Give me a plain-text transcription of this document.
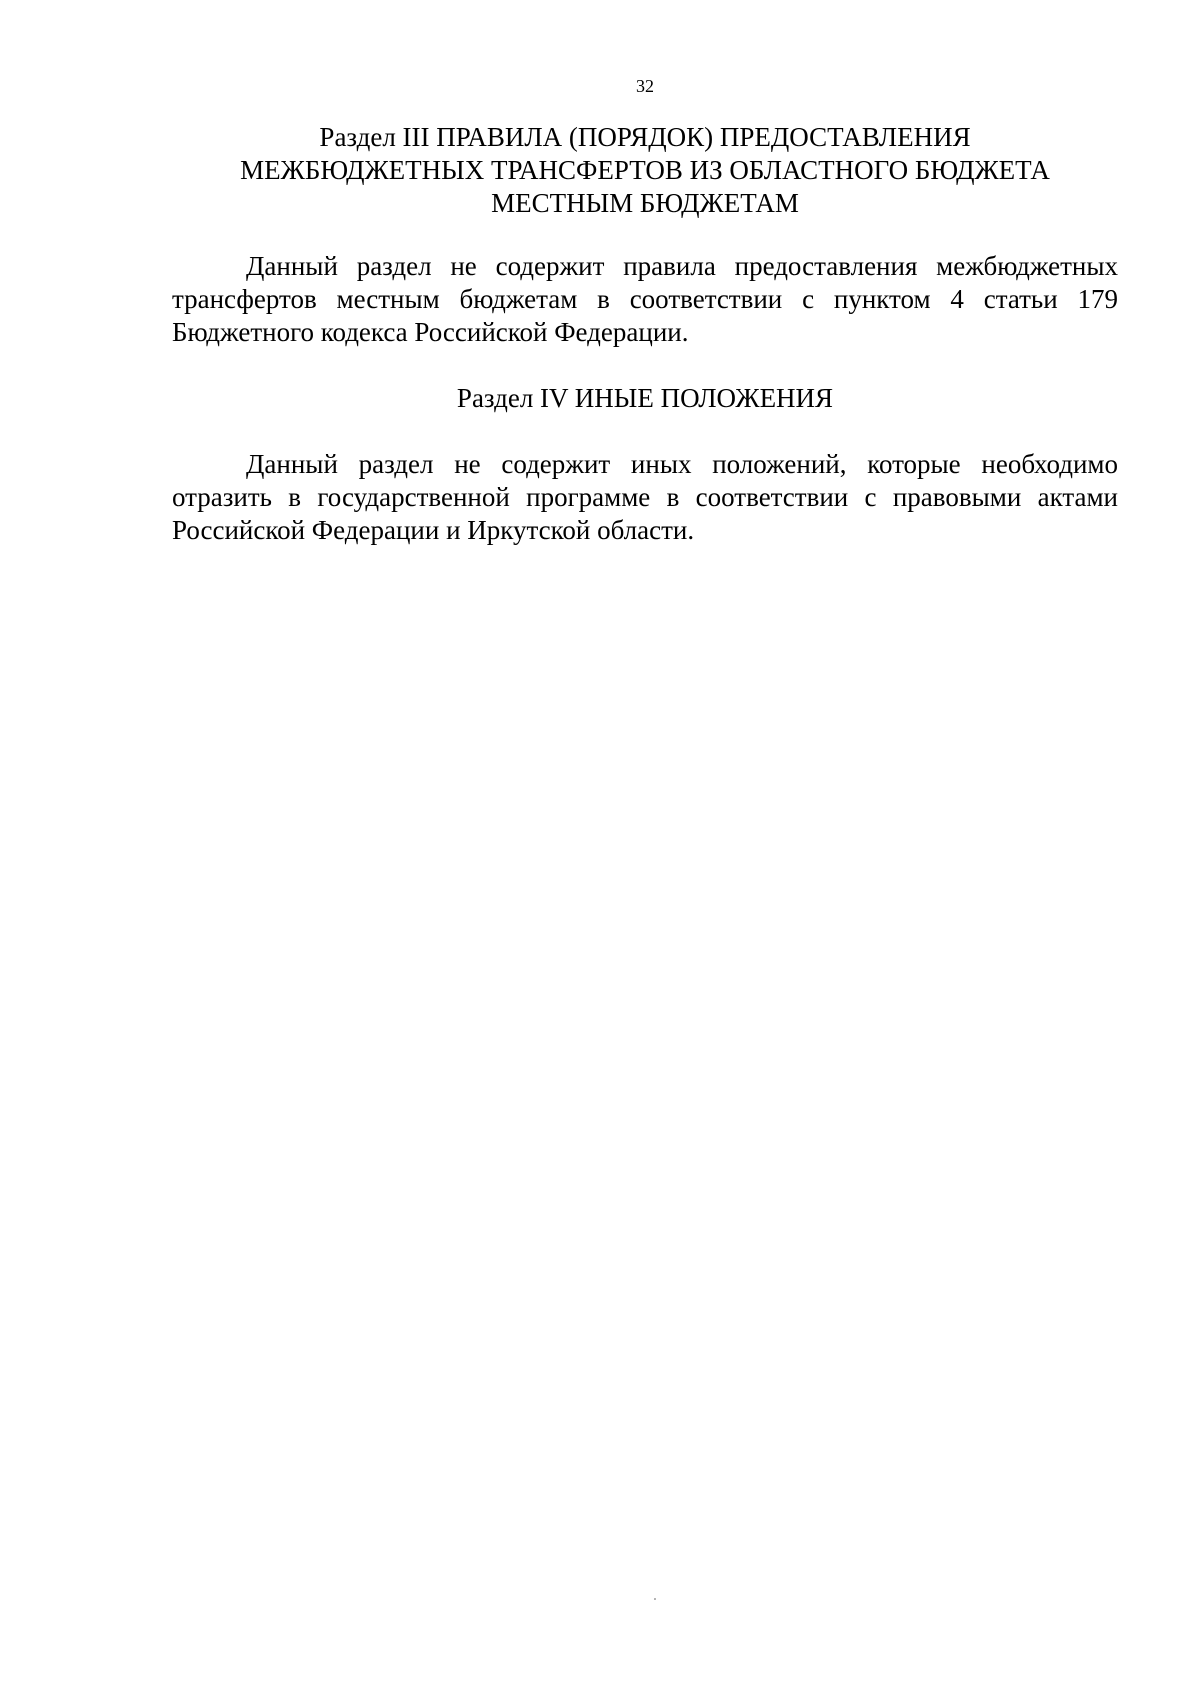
32
Раздел III ПРАВИЛА (ПОРЯДОК) ПРЕДОСТАВЛЕНИЯ
МЕЖБЮДЖЕТНЫХ ТРАНСФЕРТОВ ИЗ ОБЛАСТНОГО БЮДЖЕТА
МЕСТНЫМ БЮДЖЕТАМ

Данный раздел не содержит правила предоставления межбюджетных
трансфертов местным бюджетам в соответствии с пунктом 4 статьи 179
Бюджетного кодекса Российской Федерации.

Раздел IV ИНЫЕ ПОЛОЖЕНИЯ

Данный раздел не содержит иных положений, которые необходимо
отразить в государственной программе в соответствии с правовыми актами
Российской Федерации и Иркутской области.
